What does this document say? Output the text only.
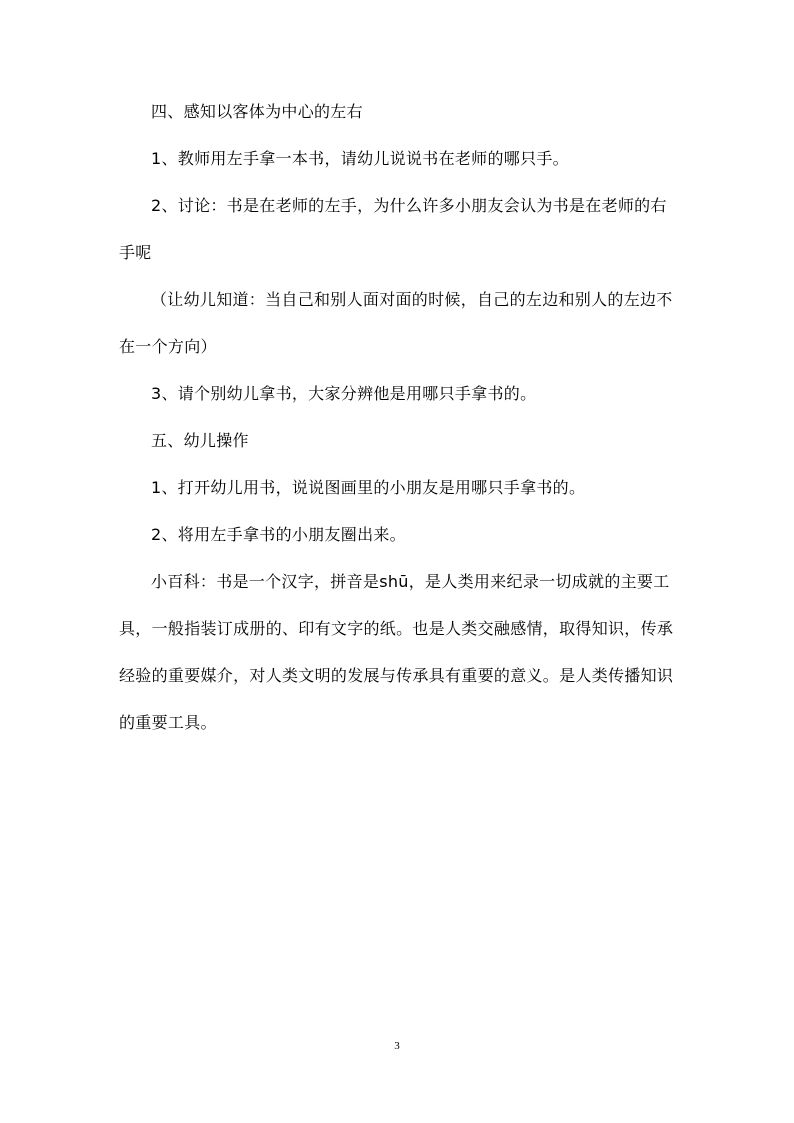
四、感知以客体为中心的左右

1、教师用左手拿一本书，请幼儿说说书在老师的哪只手。

2、讨论：书是在老师的左手，为什么许多小朋友会认为书是在老师的右手呢

（让幼儿知道：当自己和别人面对面的时候，自己的左边和别人的左边不在一个方向）

3、请个别幼儿拿书，大家分辨他是用哪只手拿书的。

五、幼儿操作

1、打开幼儿用书，说说图画里的小朋友是用哪只手拿书的。

2、将用左手拿书的小朋友圈出来。

小百科：书是一个汉字，拼音是shū，是人类用来纪录一切成就的主要工具，一般指装订成册的、印有文字的纸。也是人类交融感情，取得知识，传承经验的重要媒介，对人类文明的发展与传承具有重要的意义。是人类传播知识的重要工具。

3
